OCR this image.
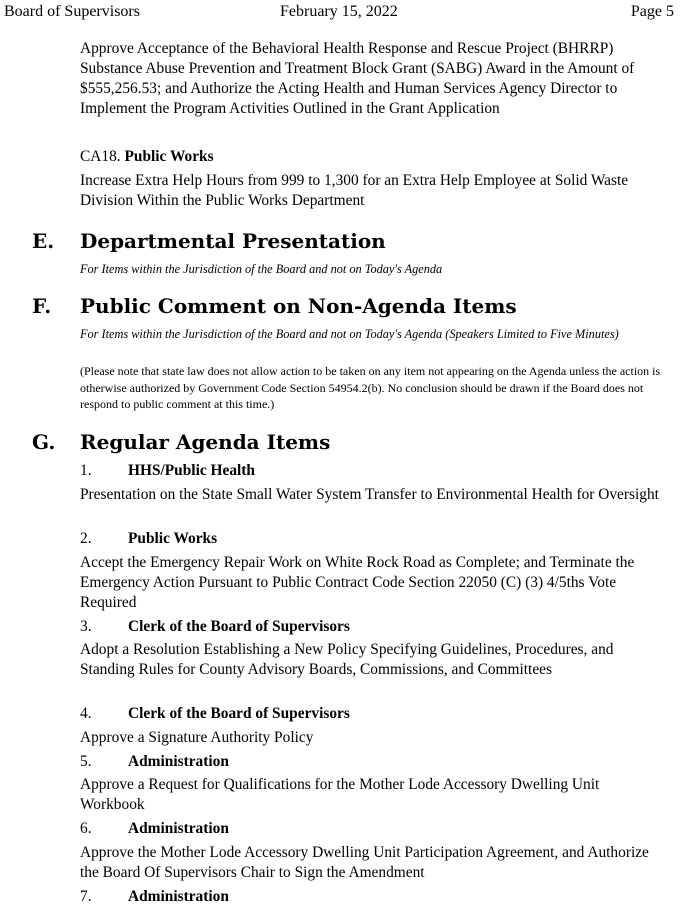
Board of Supervisors	February 15, 2022	Page 5
Approve Acceptance of the Behavioral Health Response and Rescue Project (BHRRP) Substance Abuse Prevention and Treatment Block Grant (SABG) Award in the Amount of $555,256.53; and Authorize the Acting Health and Human Services Agency Director to Implement the Program Activities Outlined in the Grant Application
CA18. Public Works
Increase Extra Help Hours from 999 to 1,300 for an Extra Help Employee at Solid Waste Division Within the Public Works Department
E. Departmental Presentation
For Items within the Jurisdiction of the Board and not on Today's Agenda
F. Public Comment on Non-Agenda Items
For Items within the Jurisdiction of the Board and not on Today's Agenda (Speakers Limited to Five Minutes)
(Please note that state law does not allow action to be taken on any item not appearing on the Agenda unless the action is otherwise authorized by Government Code Section 54954.2(b). No conclusion should be drawn if the Board does not respond to public comment at this time.)
G. Regular Agenda Items
1. HHS/Public Health
Presentation on the State Small Water System Transfer to Environmental Health for Oversight
2. Public Works
Accept the Emergency Repair Work on White Rock Road as Complete; and Terminate the Emergency Action Pursuant to Public Contract Code Section 22050 (C) (3) 4/5ths Vote Required
3. Clerk of the Board of Supervisors
Adopt a Resolution Establishing a New Policy Specifying Guidelines, Procedures, and Standing Rules for County Advisory Boards, Commissions, and Committees
4. Clerk of the Board of Supervisors
Approve a Signature Authority Policy
5. Administration
Approve a Request for Qualifications for the Mother Lode Accessory Dwelling Unit Workbook
6. Administration
Approve the Mother Lode Accessory Dwelling Unit Participation Agreement, and Authorize the Board Of Supervisors Chair to Sign the Amendment
7. Administration
